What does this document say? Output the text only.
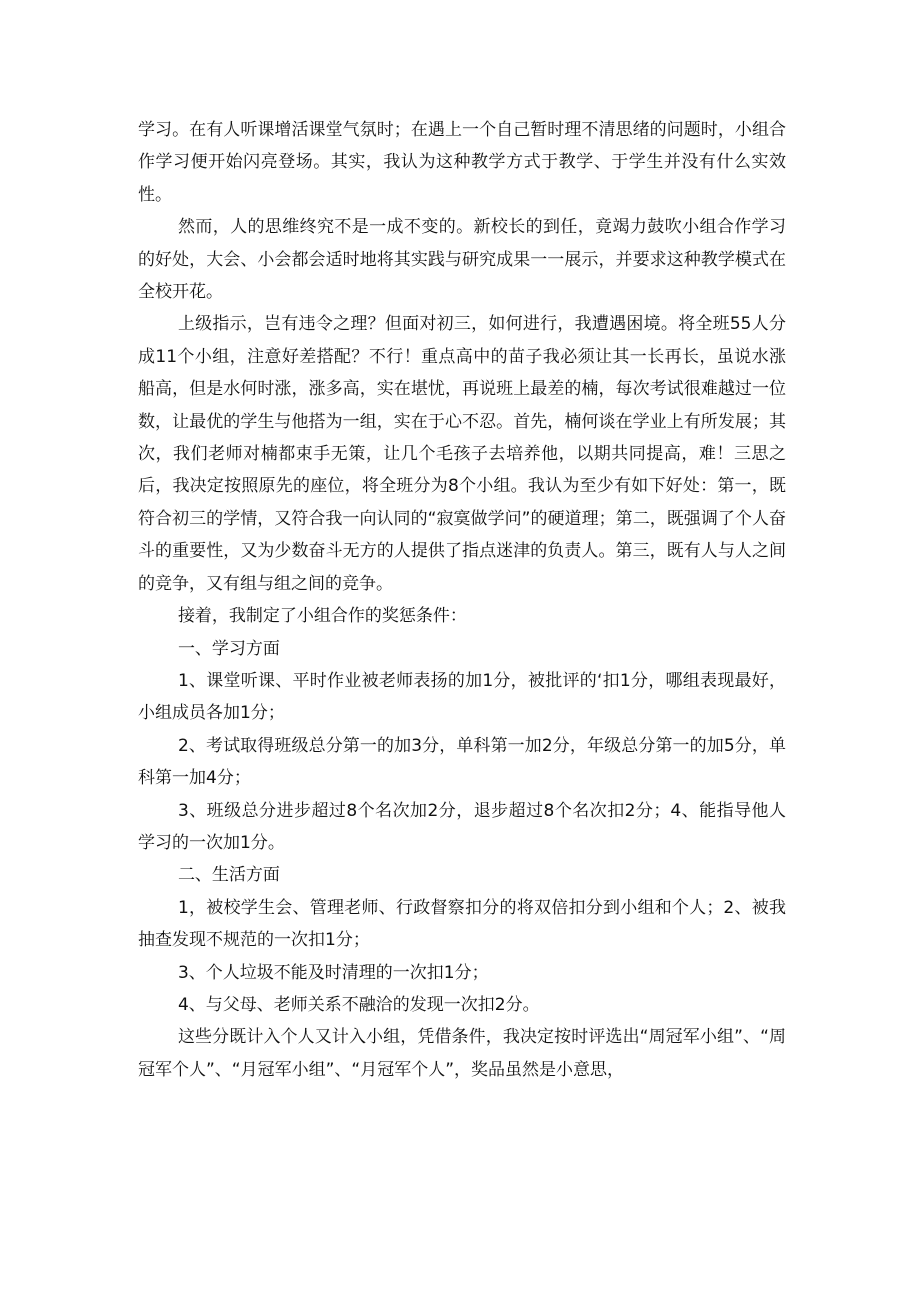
学习。在有人听课增活课堂气氛时；在遇上一个自己暂时理不清思绪的问题时，小组合作学习便开始闪亮登场。其实，我认为这种教学方式于教学、于学生并没有什么实效性。

然而，人的思维终究不是一成不变的。新校长的到任，竟竭力鼓吹小组合作学习的好处，大会、小会都会适时地将其实践与研究成果一一展示，并要求这种教学模式在全校开花。

上级指示，岂有违令之理？但面对初三，如何进行，我遭遇困境。将全班55人分成11个小组，注意好差搭配？不行！重点高中的苗子我必须让其一长再长，虽说水涨船高，但是水何时涨，涨多高，实在堪忧，再说班上最差的楠，每次考试很难越过一位数，让最优的学生与他搭为一组，实在于心不忍。首先，楠何谈在学业上有所发展；其次，我们老师对楠都束手无策，让几个毛孩子去培养他，以期共同提高，难！三思之后，我决定按照原先的座位，将全班分为8个小组。我认为至少有如下好处：第一，既符合初三的学情，又符合我一向认同的“寂寞做学问”的硬道理；第二，既强调了个人奋斗的重要性，又为少数奋斗无方的人提供了指点迷津的负责人。第三，既有人与人之间的竞争，又有组与组之间的竞争。

接着，我制定了小组合作的奖惩条件：

一、学习方面

1、课堂听课、平时作业被老师表扬的加1分，被批评的‘扣1分，哪组表现最好，小组成员各加1分；

2、考试取得班级总分第一的加3分，单科第一加2分，年级总分第一的加5分，单科第一加4分；

3、班级总分进步超过8个名次加2分，退步超过8个名次扣2分；4、能指导他人学习的一次加1分。

二、生活方面

1，被校学生会、管理老师、行政督察扣分的将双倍扣分到小组和个人；2、被我抽查发现不规范的一次扣1分；

3、个人垃圾不能及时清理的一次扣1分；

4、与父母、老师关系不融洽的发现一次扣2分。

这些分既计入个人又计入小组，凭借条件，我决定按时评选出“周冠军小组”、“周冠军个人”、“月冠军小组”、“月冠军个人”，奖品虽然是小意思，
